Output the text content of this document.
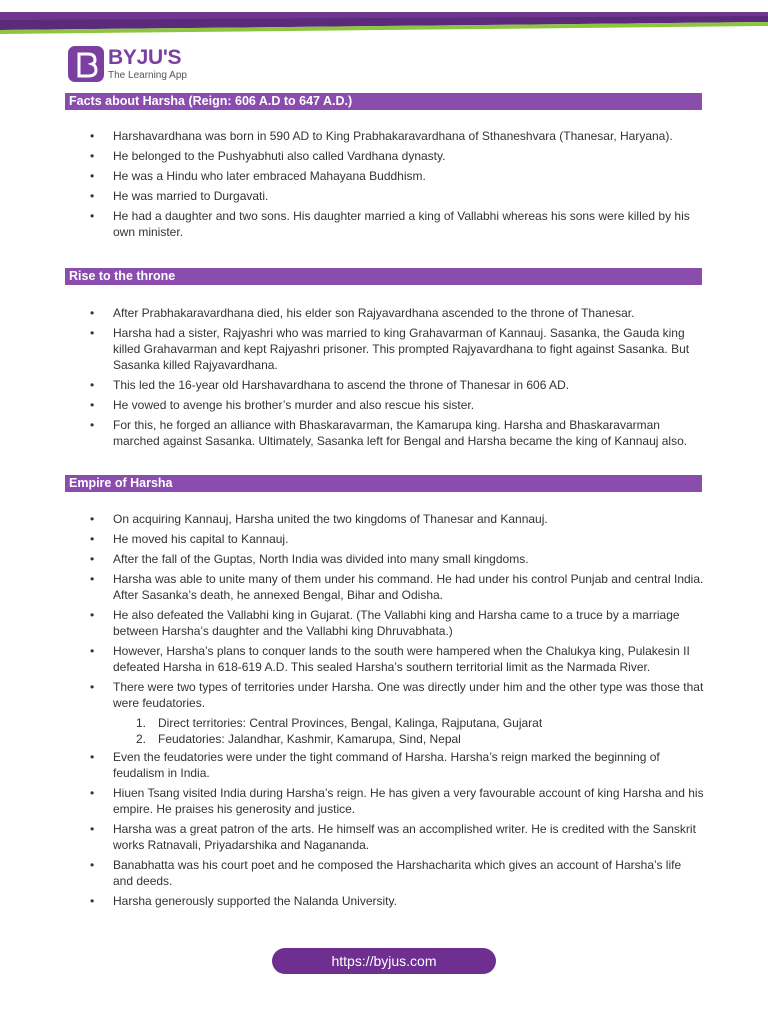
BYJU'S
The Learning App
Facts about Harsha (Reign: 606 A.D to 647 A.D.)
• Harshavardhana was born in 590 AD to King Prabhakaravardhana of Sthaneshvara (Thanesar, Haryana).
• He belonged to the Pushyabhuti also called Vardhana dynasty.
• He was a Hindu who later embraced Mahayana Buddhism.
• He was married to Durgavati.
• He had a daughter and two sons. His daughter married a king of Vallabhi whereas his sons were killed by his own minister.
Rise to the throne
• After Prabhakaravardhana died, his elder son Rajyavardhana ascended to the throne of Thanesar.
• Harsha had a sister, Rajyashri who was married to king Grahavarman of Kannauj. Sasanka, the Gauda king killed Grahavarman and kept Rajyashri prisoner. This prompted Rajyavardhana to fight against Sasanka. But Sasanka killed Rajyavardhana.
• This led the 16-year old Harshavardhana to ascend the throne of Thanesar in 606 AD.
• He vowed to avenge his brother’s murder and also rescue his sister.
• For this, he forged an alliance with Bhaskaravarman, the Kamarupa king. Harsha and Bhaskaravarman marched against Sasanka. Ultimately, Sasanka left for Bengal and Harsha became the king of Kannauj also.
Empire of Harsha
• On acquiring Kannauj, Harsha united the two kingdoms of Thanesar and Kannauj.
• He moved his capital to Kannauj.
• After the fall of the Guptas, North India was divided into many small kingdoms.
• Harsha was able to unite many of them under his command. He had under his control Punjab and central India. After Sasanka’s death, he annexed Bengal, Bihar and Odisha.
• He also defeated the Vallabhi king in Gujarat. (The Vallabhi king and Harsha came to a truce by a marriage between Harsha’s daughter and the Vallabhi king Dhruvabhata.)
• However, Harsha’s plans to conquer lands to the south were hampered when the Chalukya king, Pulakesin II defeated Harsha in 618-619 A.D. This sealed Harsha’s southern territorial limit as the Narmada River.
• There were two types of territories under Harsha. One was directly under him and the other type was those that were feudatories.
1. Direct territories: Central Provinces, Bengal, Kalinga, Rajputana, Gujarat
2. Feudatories: Jalandhar, Kashmir, Kamarupa, Sind, Nepal
• Even the feudatories were under the tight command of Harsha. Harsha’s reign marked the beginning of feudalism in India.
• Hiuen Tsang visited India during Harsha’s reign. He has given a very favourable account of king Harsha and his empire. He praises his generosity and justice.
• Harsha was a great patron of the arts. He himself was an accomplished writer. He is credited with the Sanskrit works Ratnavali, Priyadarshika and Nagananda.
• Banabhatta was his court poet and he composed the Harshacharita which gives an account of Harsha’s life and deeds.
• Harsha generously supported the Nalanda University.
https://byjus.com
